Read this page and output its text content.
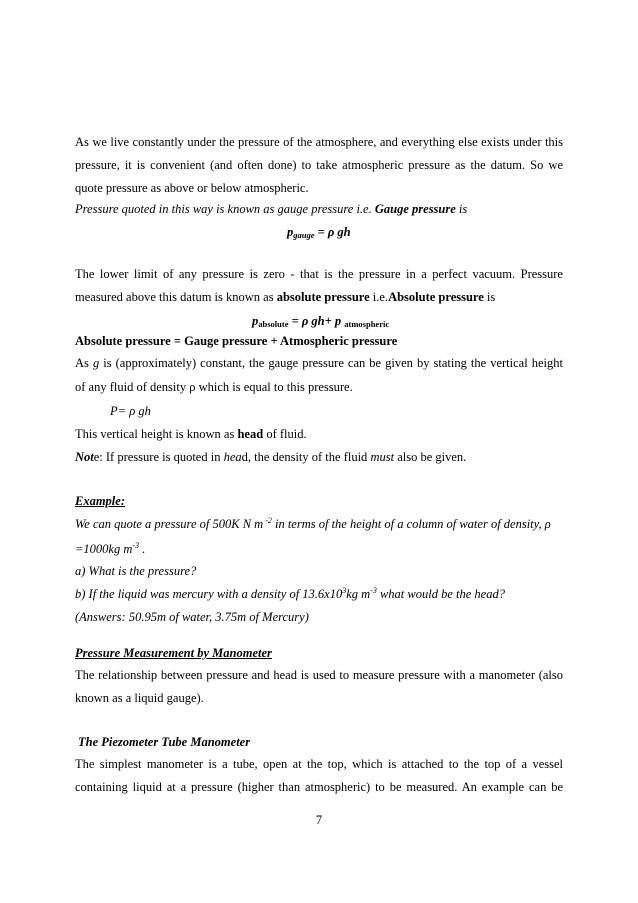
As we live constantly under the pressure of the atmosphere, and everything else exists under this
pressure, it is convenient (and often done) to take atmospheric pressure as the datum. So we
quote pressure as above or below atmospheric.
Pressure quoted in this way is known as gauge pressure i.e. Gauge pressure is
$p_{gauge} = \rho$ gh
The lower limit of any pressure is zero - that is the pressure in a perfect vacuum. Pressure
measured above this datum is known as absolute pressure i.e.Absolute pressure is
pabsolute = ρ gh+ p atmospheric
Absolute pressure = Gauge pressure + Atmospheric pressure
As g is (approximately) constant, the gauge pressure can be given by stating the vertical height
of any fluid of density ρ which is equal to this pressure.
P= ρ gh
This vertical height is known as head of fluid.
Note: If pressure is quoted in head, the density of the fluid must also be given.
Example:
We can quote a pressure of 500K N m $^{-2}$ in terms of the height of a column of water of density, ρ
=1000kg $m^{-3}$ .
a) What is the pressure?
b) If the liquid was mercury with a density of $13.6x10^3kg$ $m^{-3}$ what would be the head?
(Answers: 50.95m of water, 3.75m of Mercury)
Pressure Measurement by Manometer
The relationship between pressure and head is used to measure pressure with a manometer (also
known as a liquid gauge).
The Piezometer Tube Manometer
The simplest manometer is a tube, open at the top, which is attached to the top of a vessel
containing liquid at a pressure (higher than atmospheric) to be measured. An example can be
7
